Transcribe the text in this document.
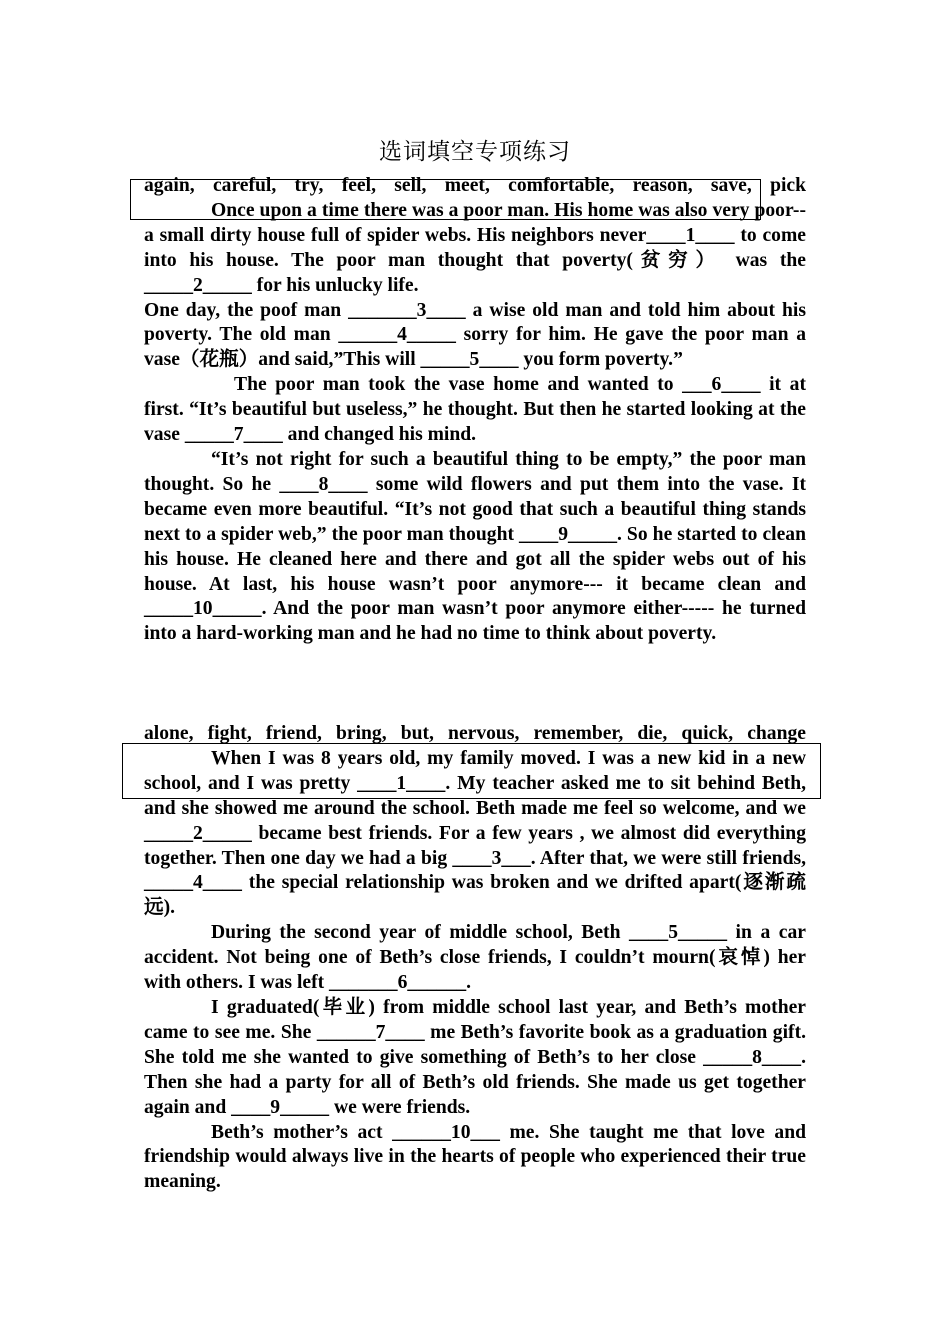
选词填空专项练习

again, careful, try, feel, sell, meet, comfortable, reason, save, pick

Once upon a time there was a poor man. His home was also very poor-- a small dirty house full of spider webs. His neighbors never____1____ to come into his house. The poor man thought that poverty(贫穷） was the _____2_____ for his unlucky life.

One day, the poof man _______3____ a wise old man and told him about his poverty. The old man ______4_____ sorry for him. He gave the poor man a vase（花瓶）and said,”This will _____5____ you form poverty.”

The poor man took the vase home and wanted to ___6____ it at first. “It’s beautiful but useless,” he thought. But then he started looking at the vase _____7____ and changed his mind.

“It’s not right for such a beautiful thing to be empty,” the poor man thought. So he ____8____ some wild flowers and put them into the vase. It became even more beautiful. “It’s not good that such a beautiful thing stands next to a spider web,” the poor man thought ____9_____. So he started to clean his house. He cleaned here and there and got all the spider webs out of his house. At last, his house wasn’t poor anymore--- it became clean and _____10_____. And the poor man wasn’t poor anymore either----- he turned into a hard-working man and he had no time to think about poverty.

alone, fight, friend, bring, but, nervous, remember, die, quick, change

When I was 8 years old, my family moved. I was a new kid in a new school, and I was pretty ____1____. My teacher asked me to sit behind Beth, and she showed me around the school. Beth made me feel so welcome, and we _____2_____ became best friends. For a few years , we almost did everything together. Then one day we had a big ____3___. After that, we were still friends, _____4____ the special relationship was broken and we drifted apart(逐渐疏远).

During the second year of middle school, Beth ____5_____ in a car accident. Not being one of Beth’s close friends, I couldn’t mourn(哀悼) her with others. I was left _______6______.

I graduated(毕业) from middle school last year, and Beth’s mother came to see me. She ______7____ me Beth’s favorite book as a graduation gift. She told me she wanted to give something of Beth’s to her close _____8____. Then she had a party for all of Beth’s old friends. She made us get together again and ____9_____ we were friends.

Beth’s mother’s act ______10___ me. She taught me that love and friendship would always live in the hearts of people who experienced their true meaning.
